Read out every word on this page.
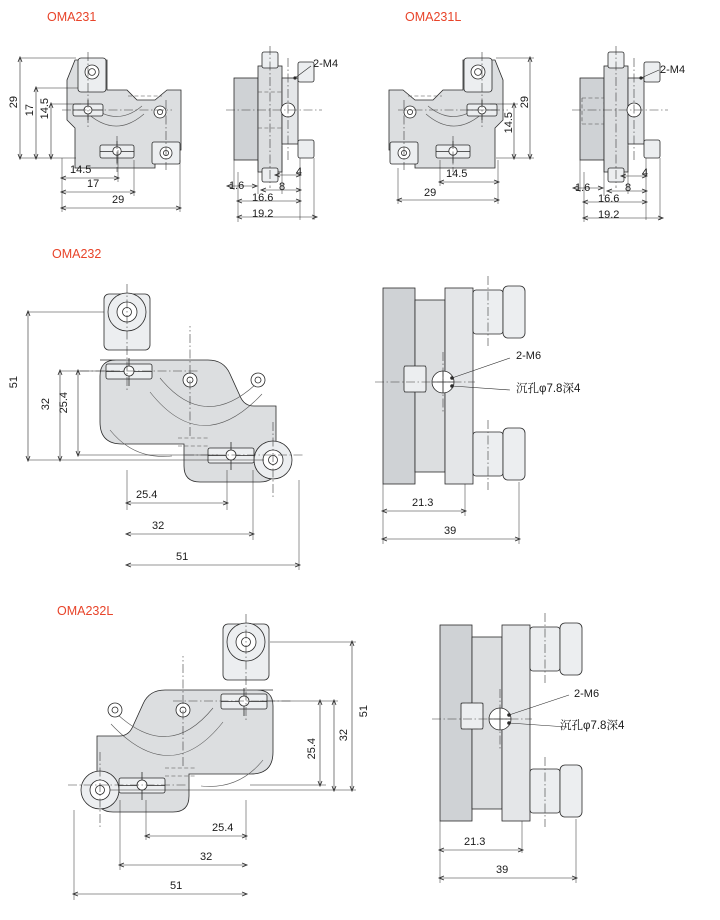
OMA231	OMA231L
OMA232
OMA232L
29
17 14.5
14.5
17
29
2-M4
1.6
4
8
16.6
19.2
29
14.5
14.5
29
2-M4
1.6
4
8
16.6
19.2
51
32 25.4
25.4
32
51
2-M6
21.3
39
51
32
25.4
25.4
32
51
2-M6
21.3
39
沉孔φ7.8深4
沉孔φ7.8深4
